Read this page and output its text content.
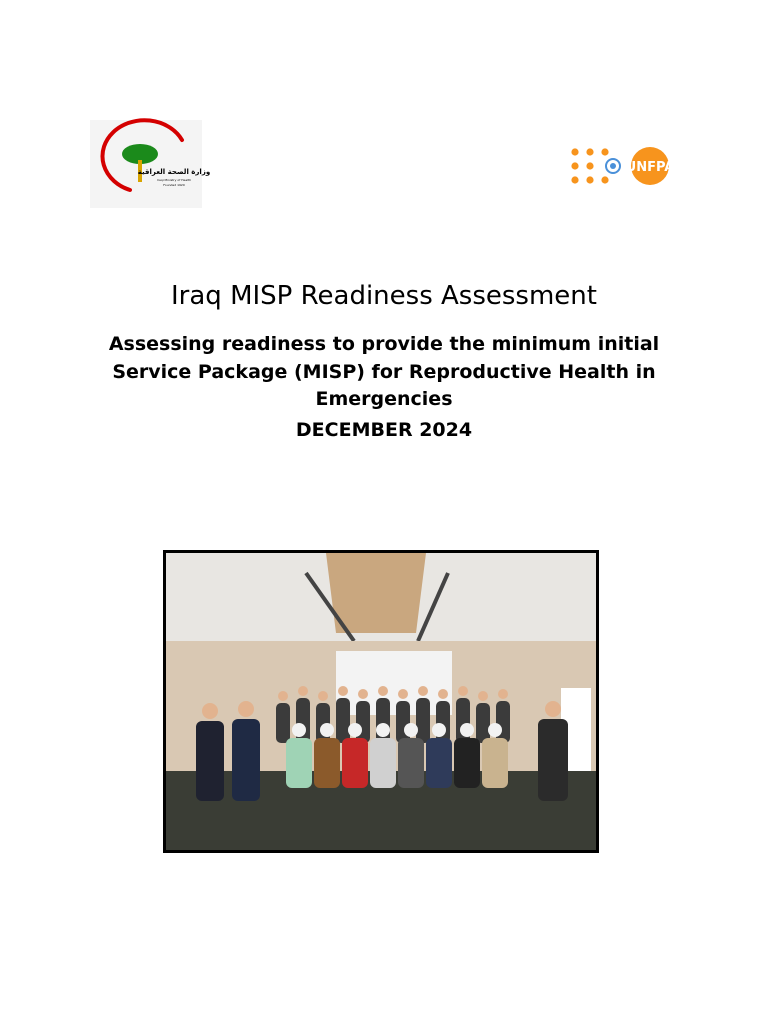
وزارة الصحة العراقية
Iraqi Ministry of Health
Founded 1920
UNFPA
Iraq MISP Readiness Assessment
Assessing readiness to provide the minimum initial Service Package (MISP) for Reproductive Health in Emergencies
DECEMBER 2024
